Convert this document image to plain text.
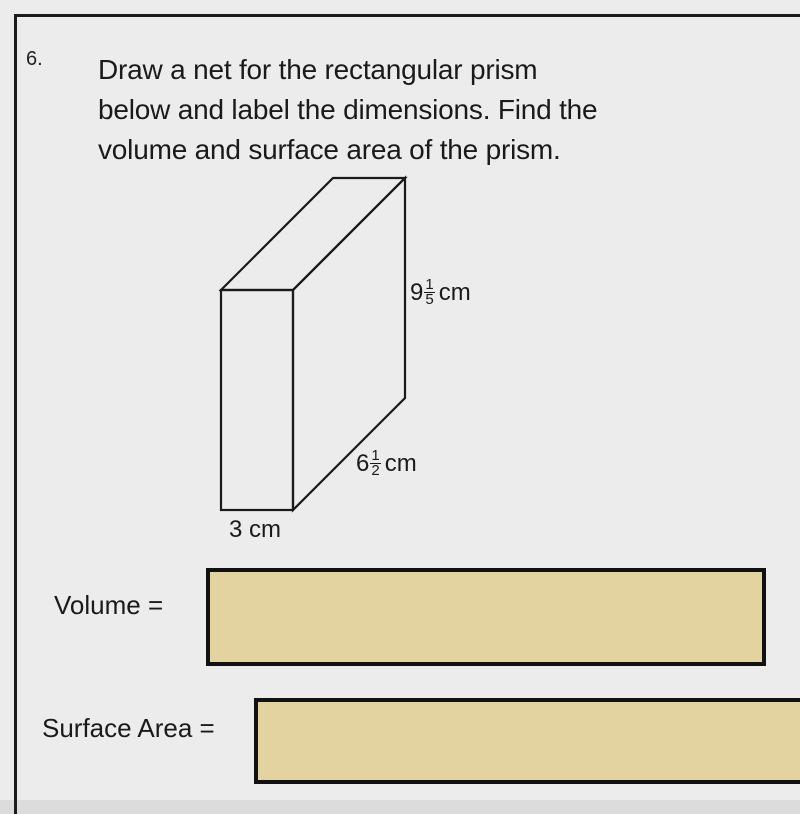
6. Draw a net for the rectangular prism
below and label the dimensions. Find the
volume and surface area of the prism.
$9 \frac{1}{5}$ cm
$6 \frac{1}{2}$ cm
3 cm
Volume =
Surface Area =
